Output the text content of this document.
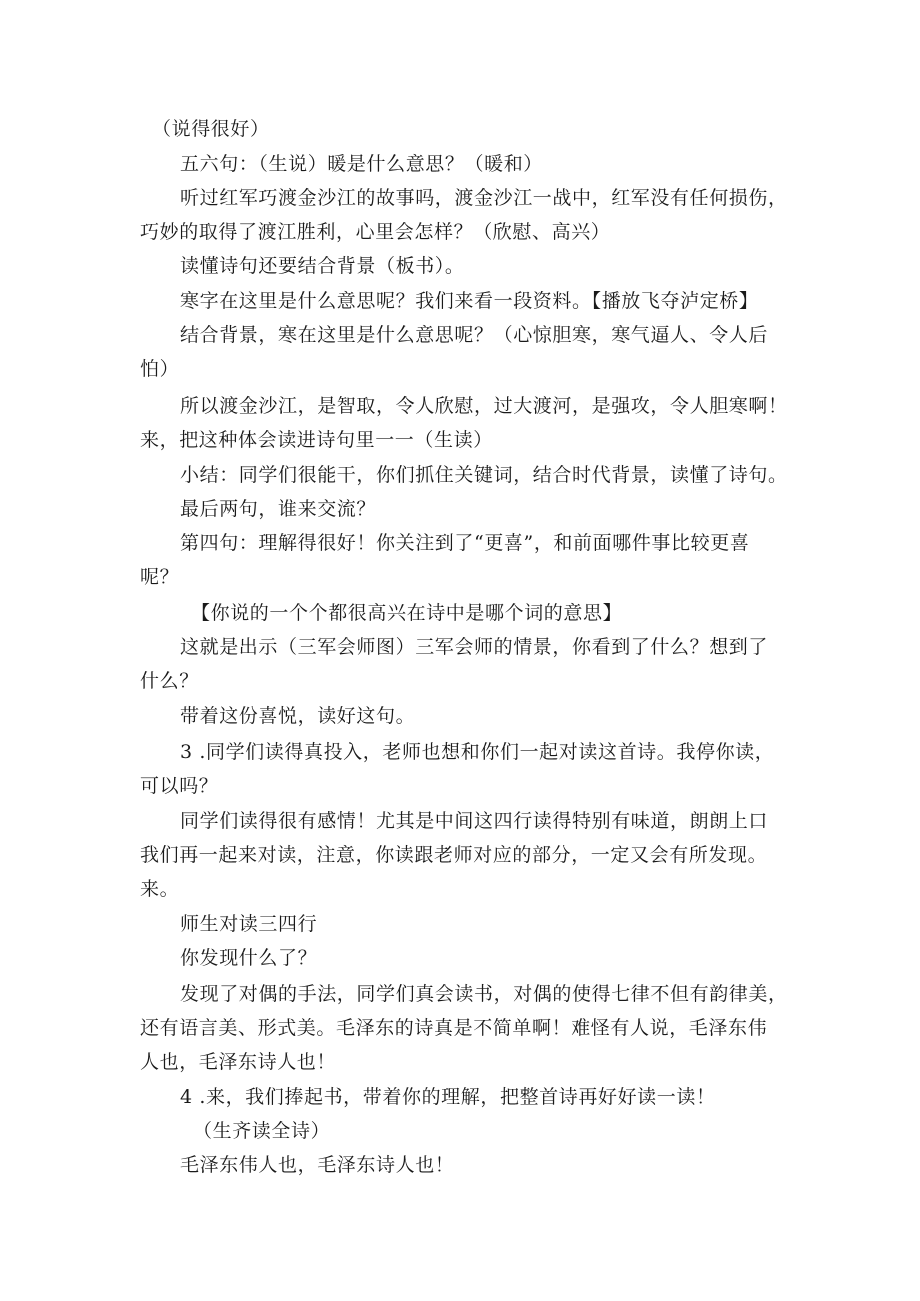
（说得很好）
五六句：（生说）暖是什么意思？（暖和）
听过红军巧渡金沙江的故事吗，渡金沙江一战中，红军没有任何损伤，
巧妙的取得了渡江胜利，心里会怎样？（欣慰、高兴）
读懂诗句还要结合背景（板书）。
寒字在这里是什么意思呢？我们来看一段资料。【播放飞夺泸定桥】
结合背景，寒在这里是什么意思呢？（心惊胆寒，寒气逼人、令人后
怕）
所以渡金沙江，是智取，令人欣慰，过大渡河，是强攻，令人胆寒啊！
来，把这种体会读进诗句里一一（生读）
小结：同学们很能干，你们抓住关键词，结合时代背景，读懂了诗句。
最后两句，谁来交流？
第四句：理解得很好！你关注到了“更喜”，和前面哪件事比较更喜
呢？
【你说的一个个都很高兴在诗中是哪个词的意思】
这就是出示（三军会师图）三军会师的情景，你看到了什么？想到了
什么？
带着这份喜悦，读好这句。
3 .同学们读得真投入，老师也想和你们一起对读这首诗。我停你读，
可以吗？
同学们读得很有感情！尤其是中间这四行读得特别有味道，朗朗上口
我们再一起来对读，注意，你读跟老师对应的部分，一定又会有所发现。
来。
师生对读三四行
你发现什么了？
发现了对偶的手法，同学们真会读书，对偶的使得七律不但有韵律美，
还有语言美、形式美。毛泽东的诗真是不简单啊！难怪有人说，毛泽东伟
人也，毛泽东诗人也！
4 .来，我们捧起书，带着你的理解，把整首诗再好好读一读！
（生齐读全诗）
毛泽东伟人也，毛泽东诗人也！
